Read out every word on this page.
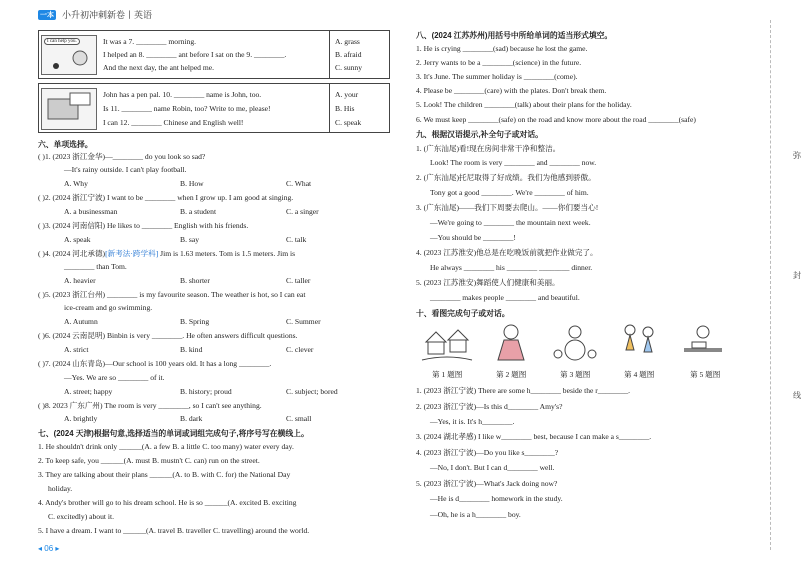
一本 小升初冲刺新卷丨英语
I can help you.	It was a 7. ________ morning.
I helped an 8. ________ ant before I sat on the 9. ________.
And the next day, the ant helped me.
A. grass
B. afraid
C. sunny
John has a pen pal. 10. ________ name is John, too.
Is 11. ________ name Robin, too? Write to me, please!
I can 12. ________ Chinese and English well!
A. your
B. His
C. speak
六、单项选择。
( )1. (2023 浙江金华)—________ do you look so sad?
—It's rainy outside. I can't play football.
A. Why	B. How	C. What
( )2. (2024 浙江宁波) I want to be ________ when I grow up. I am good at singing.
A. a businessman	B. a student	C. a singer
( )3. (2024 河南信阳) He likes to ________ English with his friends.
A. speak	B. say	C. talk
( )4. (2024 河北承德)[新考法·跨学科] Jim is 1.63 meters. Tom is 1.5 meters. Jim is
________ than Tom.
A. heavier	B. shorter	C. taller
( )5. (2023 浙江台州) ________ is my favourite season. The weather is hot, so I can eat
ice-cream and go swimming.
A. Autumn	B. Spring	C. Summer
( )6. (2024 云南昆明) Binbin is very ________. He often answers difficult questions.
A. strict	B. kind	C. clever
( )7. (2024 山东青岛)—Our school is 100 years old. It has a long ________.
—Yes. We are so ________ of it.
A. street; happy	B. history; proud	C. subject; bored
( )8. 2023 广东广州) The room is very ________, so I can't see anything.
A. brightly	B. dark	C. small
七、(2024 天津)根据句意,选择适当的单词或词组完成句子,将序号写在横线上。
1. He shouldn't drink only ______(A. a few B. a little C. too many) water every day.
2. To keep safe, you ______(A. must B. mustn't C. can) run on the street.
3. They are talking about their plans ______(A. to B. with C. for) the National Day
holiday.
4. Andy's brother will go to his dream school. He is so ______(A. excited B. exciting
C. excitedly) about it.
5. I have a dream. I want to ______(A. travel B. traveller C. travelling) around the world.
八、(2024 江苏苏州)用括号中所给单词的适当形式填空。
1. He is crying ________(sad) because he lost the game.
2. Jerry wants to be a ________(science) in the future.
3. It's June. The summer holiday is ________(come).
4. Please be ________(care) with the plates. Don't break them.
5. Look! The children ________(talk) about their plans for the holiday.
6. We must keep ________(safe) on the road and know more about the road ________(safe)
九、根据汉语提示,补全句子或对话。
1. (广东汕尾)看!现在房间非常干净和整洁。
Look! The room is very ________ and ________ now.
2. (广东汕尾)托尼取得了好成绩。我们为他感到骄傲。
Tony got a good ________. We're ________ of him.
3. (广东汕尾)——我们下周要去爬山。——你们要当心!
—We're going to ________ the mountain next week.
—You should be ________!
4. (2023 江苏淮安)他总是在吃晚饭前就把作业做完了。
He always ________ his ________ ________ dinner.
5. (2023 江苏淮安)舞蹈使人们健康和美丽。
________ makes people ________ and beautiful.
十、看图完成句子或对话。
第 1 题图	第 2 题图	第 3 题图	第 4 题图	第 5 题图
1. (2023 浙江宁波) There are some h________ beside the r________.
2. (2023 浙江宁波)—Is this d________ Amy's?
—Yes, it is. It's h________.
3. (2024 湖北孝感) I like w________ best, because I can make a s________.
4. (2023 浙江宁波)—Do you like s________?
—No, I don't. But I can d________ well.
5. (2023 浙江宁波)—What's Jack doing now?
—He is d________ homework in the study.
—Oh, he is a h________ boy.
弥
封
线
◂ 06 ▸
